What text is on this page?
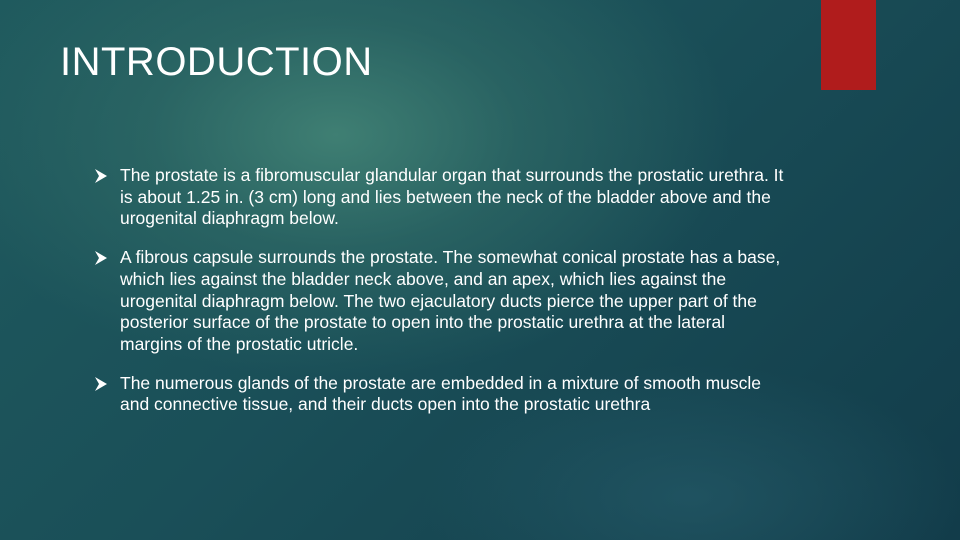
INTRODUCTION
The prostate is a fibromuscular glandular organ that surrounds the prostatic urethra. It is about 1.25 in. (3 cm) long and lies between the neck of the bladder above and the urogenital diaphragm below.
A fibrous capsule surrounds the prostate. The somewhat conical prostate has a base, which lies against the bladder neck above, and an apex, which lies against the urogenital diaphragm below. The two ejaculatory ducts pierce the upper part of the posterior surface of the prostate to open into the prostatic urethra at the lateral margins of the prostatic utricle.
The numerous glands of the prostate are embedded in a mixture of smooth muscle and connective tissue, and their ducts open into the prostatic urethra
